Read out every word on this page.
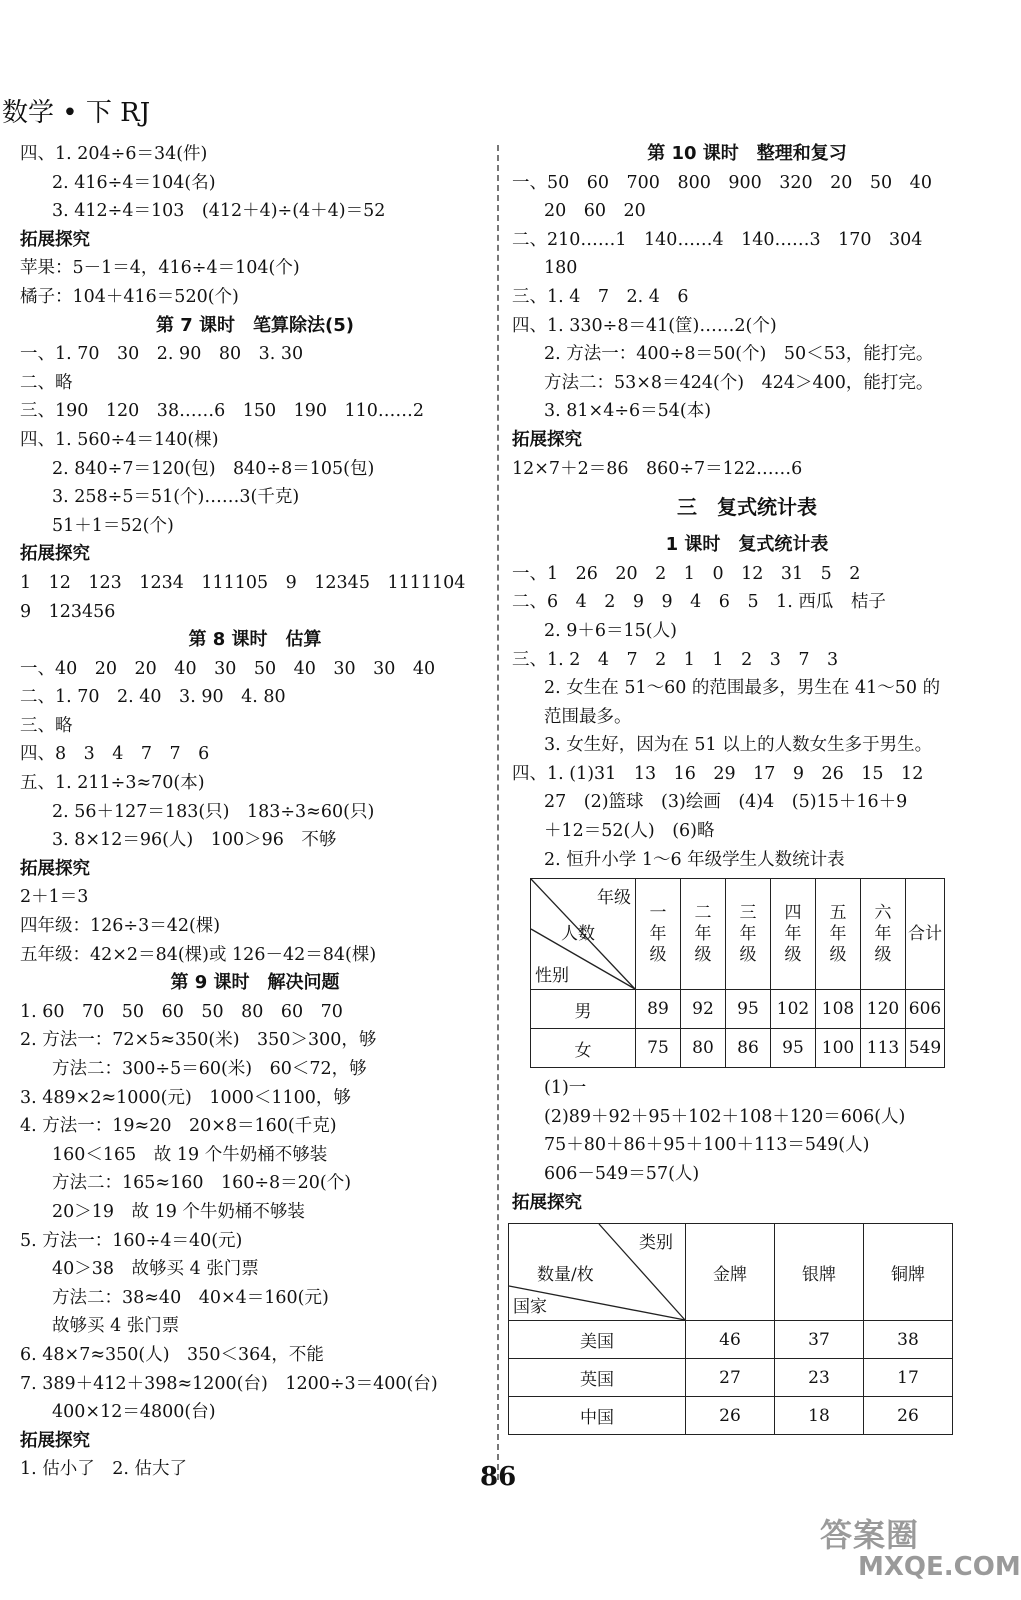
数学 • 下 RJ
四、1. 204÷6＝34(件)
2. 416÷4＝104(名)
3. 412÷4＝103　(412＋4)÷(4＋4)＝52
拓展探究
苹果：5－1＝4，416÷4＝104(个)
橘子：104＋416＝520(个)
第 7 课时　笔算除法(5)
一、1. 70　30　2. 90　80　3. 30
二、略
三、190　120　38……6　150　190　110……2
四、1. 560÷4＝140(棵)
2. 840÷7＝120(包)　840÷8＝105(包)
3. 258÷5＝51(个)……3(千克)
51＋1＝52(个)
拓展探究
1　12　123　1234　111105　9　12345　1111104
9　123456
第 8 课时　估算
一、40　20　20　40　30　50　40　30　30　40
二、1. 70　2. 40　3. 90　4. 80
三、略
四、8　3　4　7　7　6
五、1. 211÷3≈70(本)
2. 56＋127＝183(只)　183÷3≈60(只)
3. 8×12＝96(人)　100＞96　不够
拓展探究
2＋1＝3
四年级：126÷3＝42(棵)
五年级：42×2＝84(棵)或 126－42＝84(棵)
第 9 课时　解决问题
1. 60　70　50　60　50　80　60　70
2. 方法一：72×5≈350(米)　350＞300，够
方法二：300÷5＝60(米)　60＜72，够
3. 489×2≈1000(元)　1000＜1100，够
4. 方法一：19≈20　20×8＝160(千克)
160＜165　故 19 个牛奶桶不够装
方法二：165≈160　160÷8＝20(个)
20＞19　故 19 个牛奶桶不够装
5. 方法一：160÷4＝40(元)
40＞38　故够买 4 张门票
方法二：38≈40　40×4＝160(元)
故够买 4 张门票
6. 48×7≈350(人)　350＜364，不能
7. 389＋412＋398≈1200(台)　1200÷3＝400(台)
400×12＝4800(台)
拓展探究
1. 估小了　2. 估大了
第 10 课时　整理和复习
一、50　60　700　800　900　320　20　50　40
20　60　20
二、210……1　140……4　140……3　170　304
180
三、1. 4　7　2. 4　6
四、1. 330÷8＝41(筐)……2(个)
2. 方法一：400÷8＝50(个)　50＜53，能打完。
方法二：53×8＝424(个)　424＞400，能打完。
3. 81×4÷6＝54(本)
拓展探究
12×7＋2＝86　860÷7＝122……6
三　复式统计表
1 课时　复式统计表
一、1　26　20　2　1　0　12　31　5　2
二、6　4　2　9　9　4　6　5　1. 西瓜　桔子
2. 9＋6＝15(人)
三、1. 2　4　7　2　1　1　2　3　7　3
2. 女生在 51～60 的范围最多，男生在 41～50 的
范围最多。
3. 女生好，因为在 51 以上的人数女生多于男生。
四、1. (1)31　13　16　29　17　9　26　15　12
27　(2)篮球　(3)绘画　(4)4　(5)15＋16＋9
＋12＝52(人)　(6)略
2. 恒升小学 1～6 年级学生人数统计表
年级
人数
性别	一
年
级	二
年
级	三
年
级	四
年
级	五
年
级	六
年
级	合计
男	89	92	95	102	108	120	606
女	75	80	86	95	100	113	549
(1)一
(2)89＋92＋95＋102＋108＋120＝606(人)
75＋80＋86＋95＋100＋113＝549(人)
606－549＝57(人)
拓展探究
类别
数量/枚
国家	金牌	银牌	铜牌
美国	46	37	38
英国	27	23	17
中国	26	18	26
86
答案圈
MXQE.COM
